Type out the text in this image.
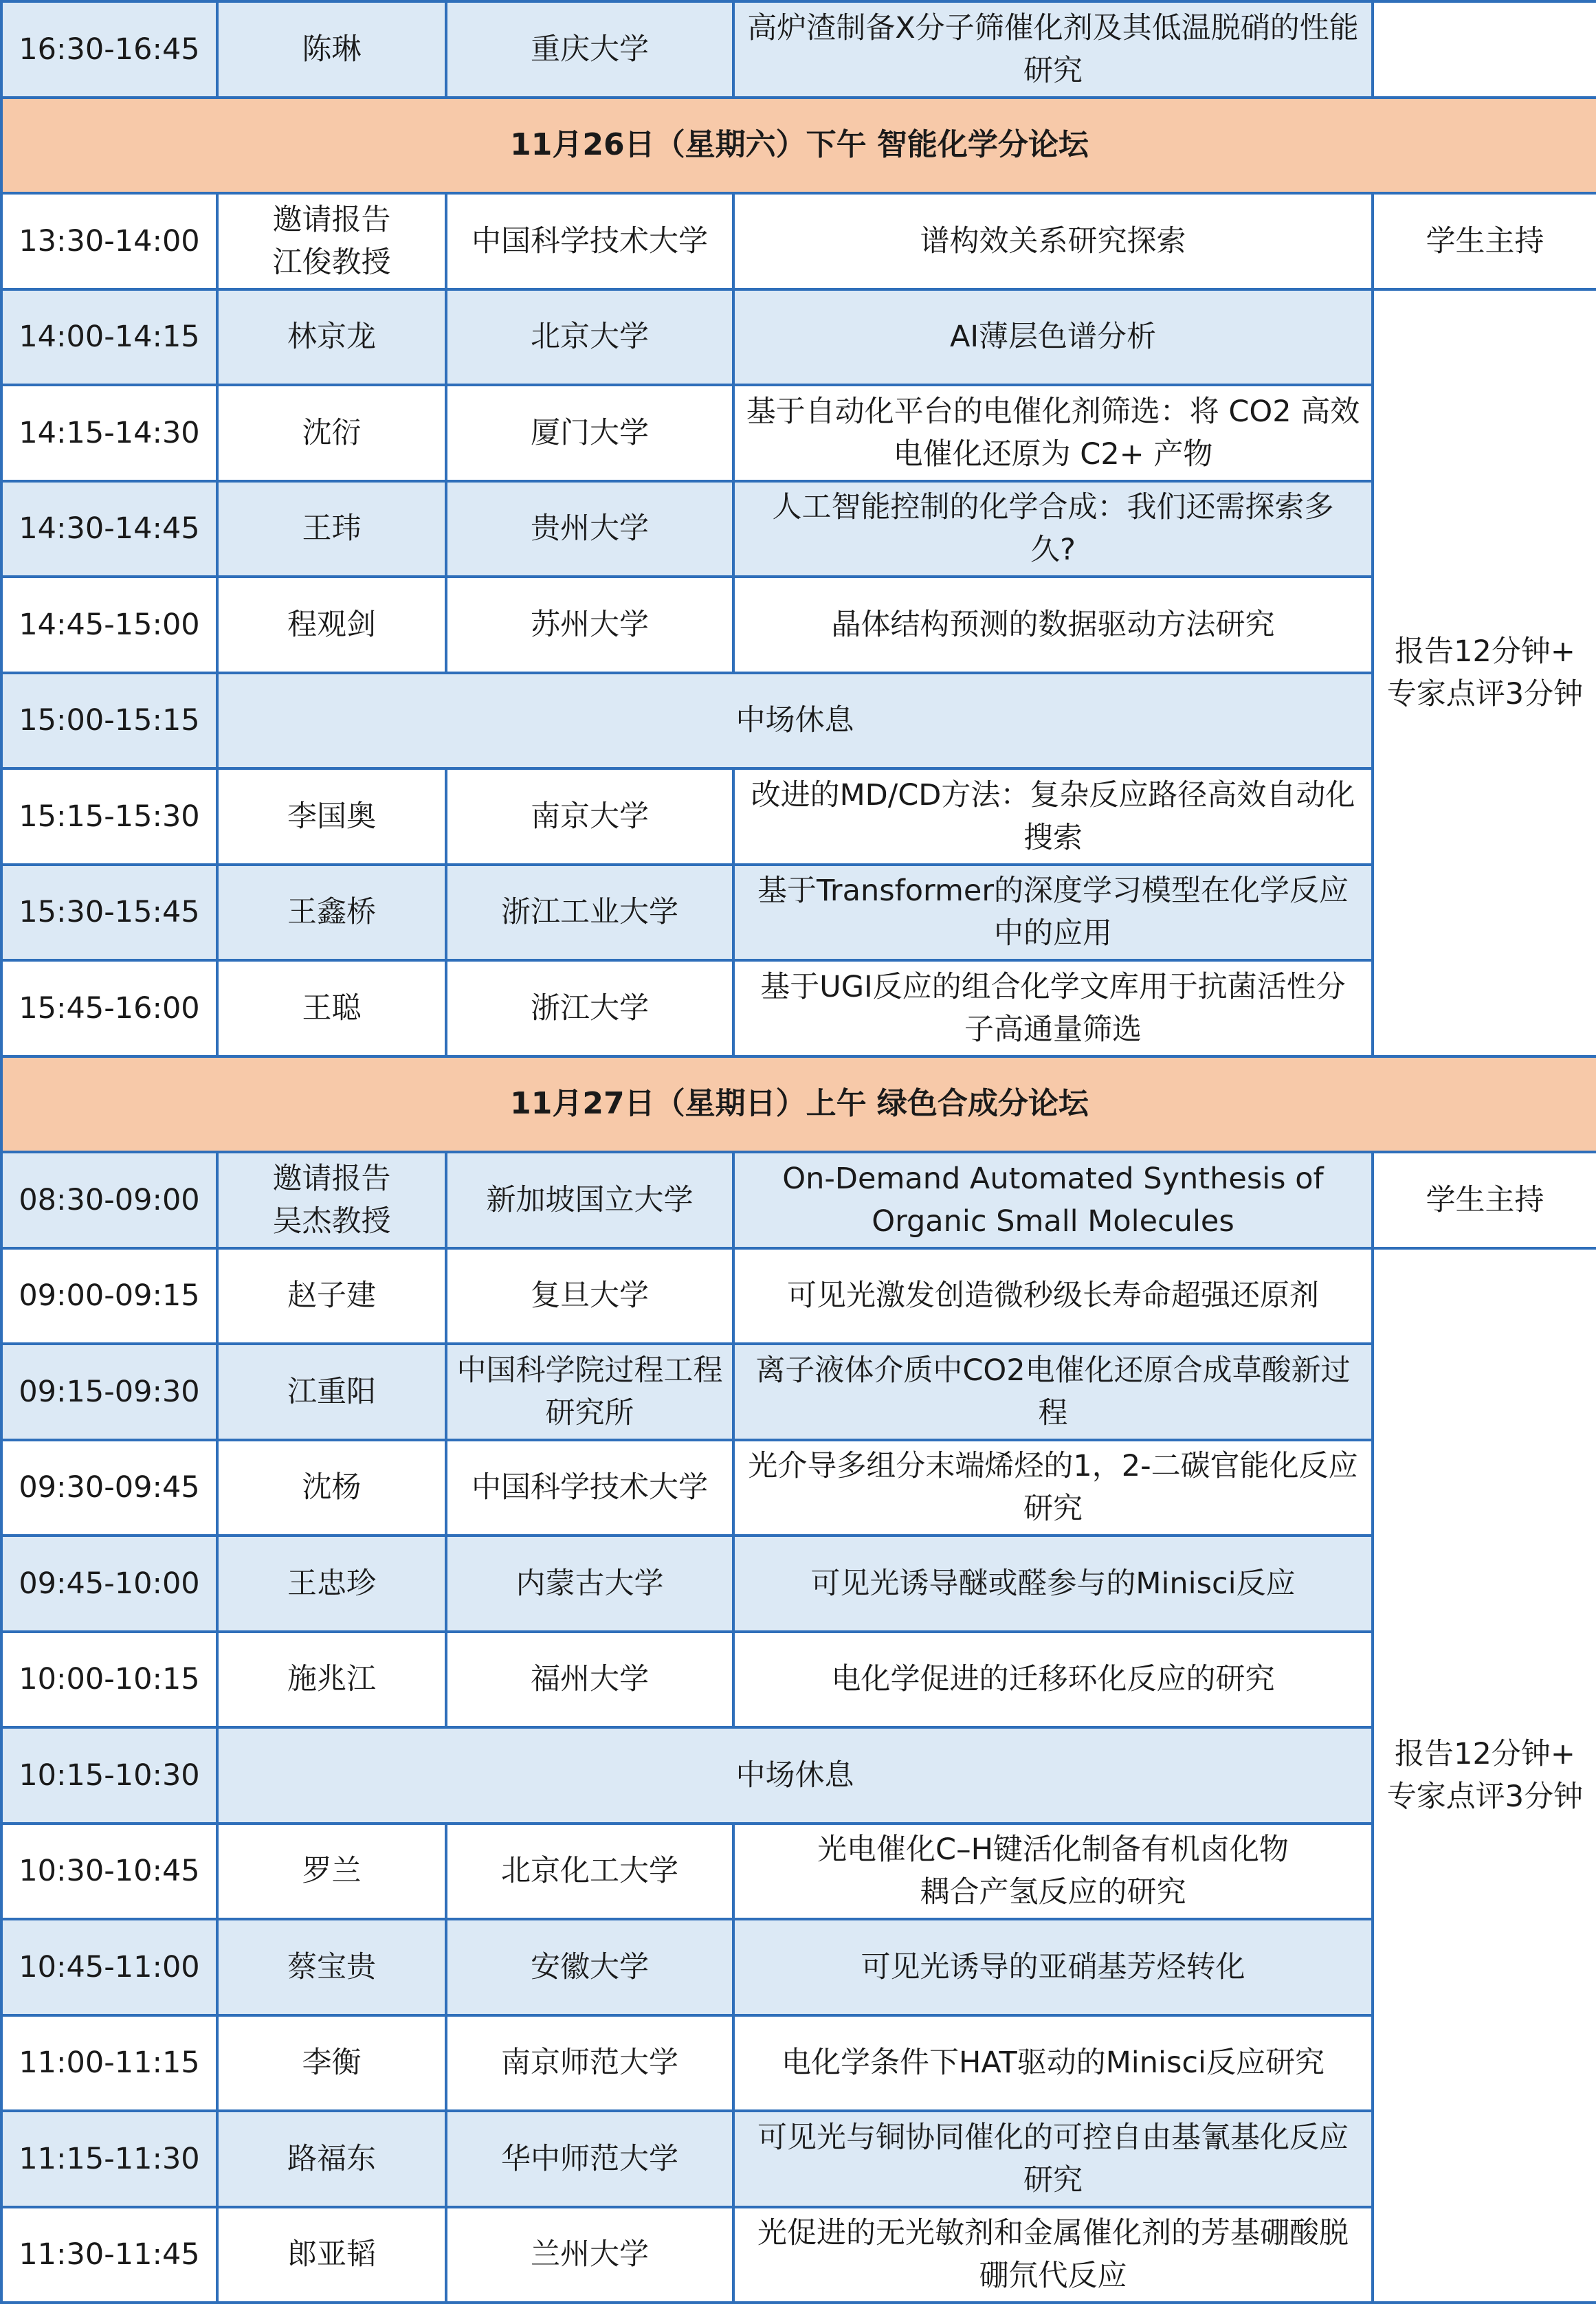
16:30-16:45	陈琳	重庆大学	高炉渣制备X分子筛催化剂及其低温脱硝的性能
研究	
11月26日（星期六）下午 智能化学分论坛				
13:30-14:00	邀请报告
江俊教授	中国科学技术大学	谱构效关系研究探索	学生主持
14:00-14:15	林京龙	北京大学	AI薄层色谱分析	报告12分钟+
专家点评3分钟
14:15-14:30	沈衍	厦门大学	基于自动化平台的电催化剂筛选：将 CO2 高效
电催化还原为 C2+ 产物	
14:30-14:45	王玮	贵州大学	人工智能控制的化学合成：我们还需探索多
久?	
14:45-15:00	程观剑	苏州大学	晶体结构预测的数据驱动方法研究	
15:00-15:15	中场休息			
15:15-15:30	李国奥	南京大学	改进的MD/CD方法：复杂反应路径高效自动化
搜索	
15:30-15:45	王鑫桥	浙江工业大学	基于Transformer的深度学习模型在化学反应
中的应用	
15:45-16:00	王聪	浙江大学	基于UGI反应的组合化学文库用于抗菌活性分
子高通量筛选	
11月27日（星期日）上午 绿色合成分论坛				
08:30-09:00	邀请报告
吴杰教授	新加坡国立大学	On-Demand Automated Synthesis of
Organic Small Molecules	学生主持
09:00-09:15	赵子建	复旦大学	可见光激发创造微秒级长寿命超强还原剂	报告12分钟+
专家点评3分钟
09:15-09:30	江重阳	中国科学院过程工程
研究所	离子液体介质中CO2电催化还原合成草酸新过
程	
09:30-09:45	沈杨	中国科学技术大学	光介导多组分末端烯烃的1，2-二碳官能化反应
研究	
09:45-10:00	王忠珍	内蒙古大学	可见光诱导醚或醛参与的Minisci反应	
10:00-10:15	施兆江	福州大学	电化学促进的迁移环化反应的研究	
10:15-10:30	中场休息			
10:30-10:45	罗兰	北京化工大学	光电催化C–H键活化制备有机卤化物
耦合产氢反应的研究	
10:45-11:00	蔡宝贵	安徽大学	可见光诱导的亚硝基芳烃转化	
11:00-11:15	李衡	南京师范大学	电化学条件下HAT驱动的Minisci反应研究	
11:15-11:30	路福东	华中师范大学	可见光与铜协同催化的可控自由基氰基化反应
研究	
11:30-11:45	郎亚韬	兰州大学	光促进的无光敏剂和金属催化剂的芳基硼酸脱
硼氘代反应	
